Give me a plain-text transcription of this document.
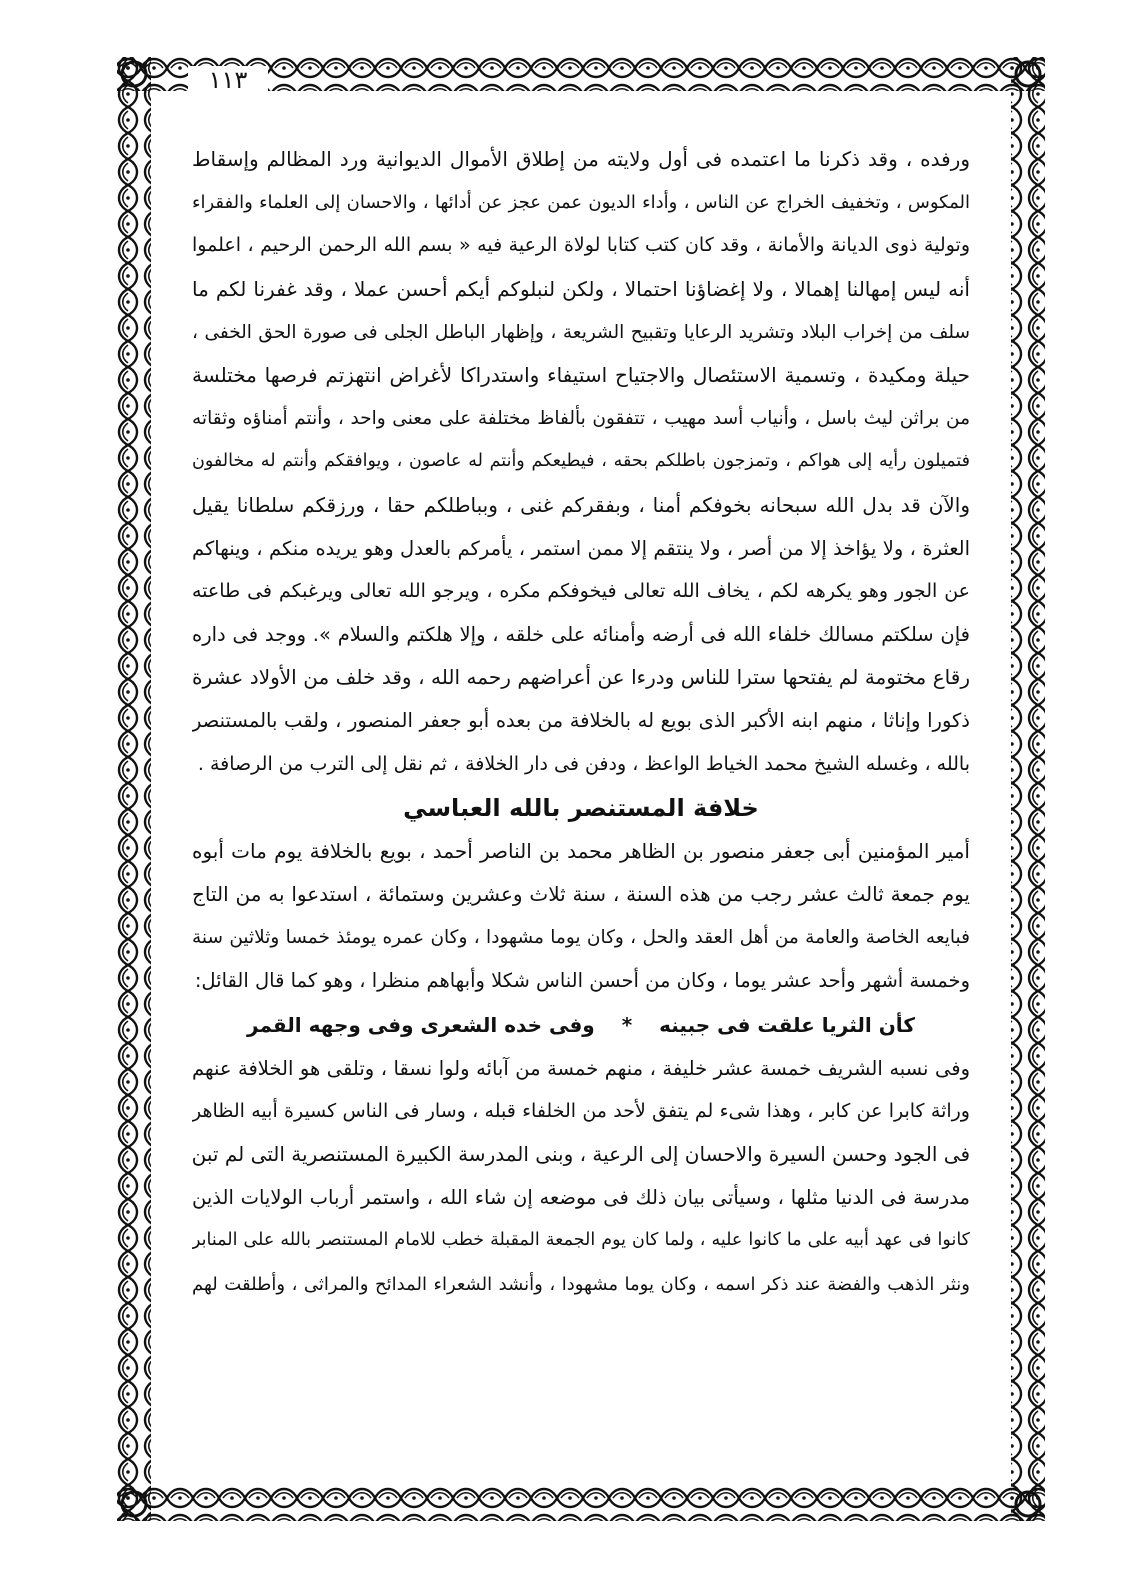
١١٣
ورفده ، وقد ذكرنا ما اعتمده فى أول ولايته من إطلاق الأموال الديوانية ورد المظالم وإسقاط
المكوس ، وتخفيف الخراج عن الناس ، وأداء الديون عمن عجز عن أدائها ، والاحسان إلى العلماء والفقراء
وتولية ذوى الديانة والأمانة ، وقد كان كتب كتابا لولاة الرعية فيه « بسم الله الرحمن الرحيم ، اعلموا
أنه ليس إمهالنا إهمالا ، ولا إغضاؤنا احتمالا ، ولكن لنبلوكم أيكم أحسن عملا ، وقد غفرنا لكم ما
سلف من إخراب البلاد وتشريد الرعايا وتقبيح الشريعة ، وإظهار الباطل الجلى فى صورة الحق الخفى ،
حيلة ومكيدة ، وتسمية الاستئصال والاجتياح استيفاء واستدراكا لأغراض انتهزتم فرصها مختلسة
من براثن ليث باسل ، وأنياب أسد مهيب ، تتفقون بألفاظ مختلفة على معنى واحد ، وأنتم أمناؤه وثقاته
فتميلون رأيه إلى هواكم ، وتمزجون باطلكم بحقه ، فيطيعكم وأنتم له عاصون ، ويوافقكم وأنتم له مخالفون
والآن قد بدل الله سبحانه بخوفكم أمنا ، وبفقركم غنى ، وبباطلكم حقا ، ورزقكم سلطانا يقيل
العثرة ، ولا يؤاخذ إلا من أصر ، ولا ينتقم إلا ممن استمر ، يأمركم بالعدل وهو يريده منكم ، وينهاكم
عن الجور وهو يكرهه لكم ، يخاف الله تعالى فيخوفكم مكره ، ويرجو الله تعالى ويرغبكم فى طاعته
فإن سلكتم مسالك خلفاء الله فى أرضه وأمنائه على خلقه ، وإلا هلكتم والسلام ». ووجد فى داره
رقاع مختومة لم يفتحها سترا للناس ودرءا عن أعراضهم رحمه الله ، وقد خلف من الأولاد عشرة
ذكورا وإناثا ، منهم ابنه الأكبر الذى بويع له بالخلافة من بعده أبو جعفر المنصور ، ولقب بالمستنصر
بالله ، وغسله الشيخ محمد الخياط الواعظ ، ودفن فى دار الخلافة ، ثم نقل إلى الترب من الرصافة .
خلافة المستنصر بالله العباسي
أمير المؤمنين أبى جعفر منصور بن الظاهر محمد بن الناصر أحمد ، بويع بالخلافة يوم مات أبوه
يوم جمعة ثالث عشر رجب من هذه السنة ، سنة ثلاث وعشرين وستمائة ، استدعوا به من التاج
فبايعه الخاصة والعامة من أهل العقد والحل ، وكان يوما مشهودا ، وكان عمره يومئذ خمسا وثلاثين سنة
وخمسة أشهر وأحد عشر يوما ، وكان من أحسن الناس شكلا وأبهاهم منظرا ، وهو كما قال القائل:
كأن الثريا علقت فى جبينه * وفى خده الشعرى وفى وجهه القمر
وفى نسبه الشريف خمسة عشر خليفة ، منهم خمسة من آبائه ولوا نسقا ، وتلقى هو الخلافة عنهم
وراثة كابرا عن كابر ، وهذا شىء لم يتفق لأحد من الخلفاء قبله ، وسار فى الناس كسيرة أبيه الظاهر
فى الجود وحسن السيرة والاحسان إلى الرعية ، وبنى المدرسة الكبيرة المستنصرية التى لم تبن
مدرسة فى الدنيا مثلها ، وسيأتى بيان ذلك فى موضعه إن شاء الله ، واستمر أرباب الولايات الذين
كانوا فى عهد أبيه على ما كانوا عليه ، ولما كان يوم الجمعة المقبلة خطب للامام المستنصر بالله على المنابر
ونثر الذهب والفضة عند ذكر اسمه ، وكان يوما مشهودا ، وأنشد الشعراء المدائح والمراثى ، وأطلقت لهم
